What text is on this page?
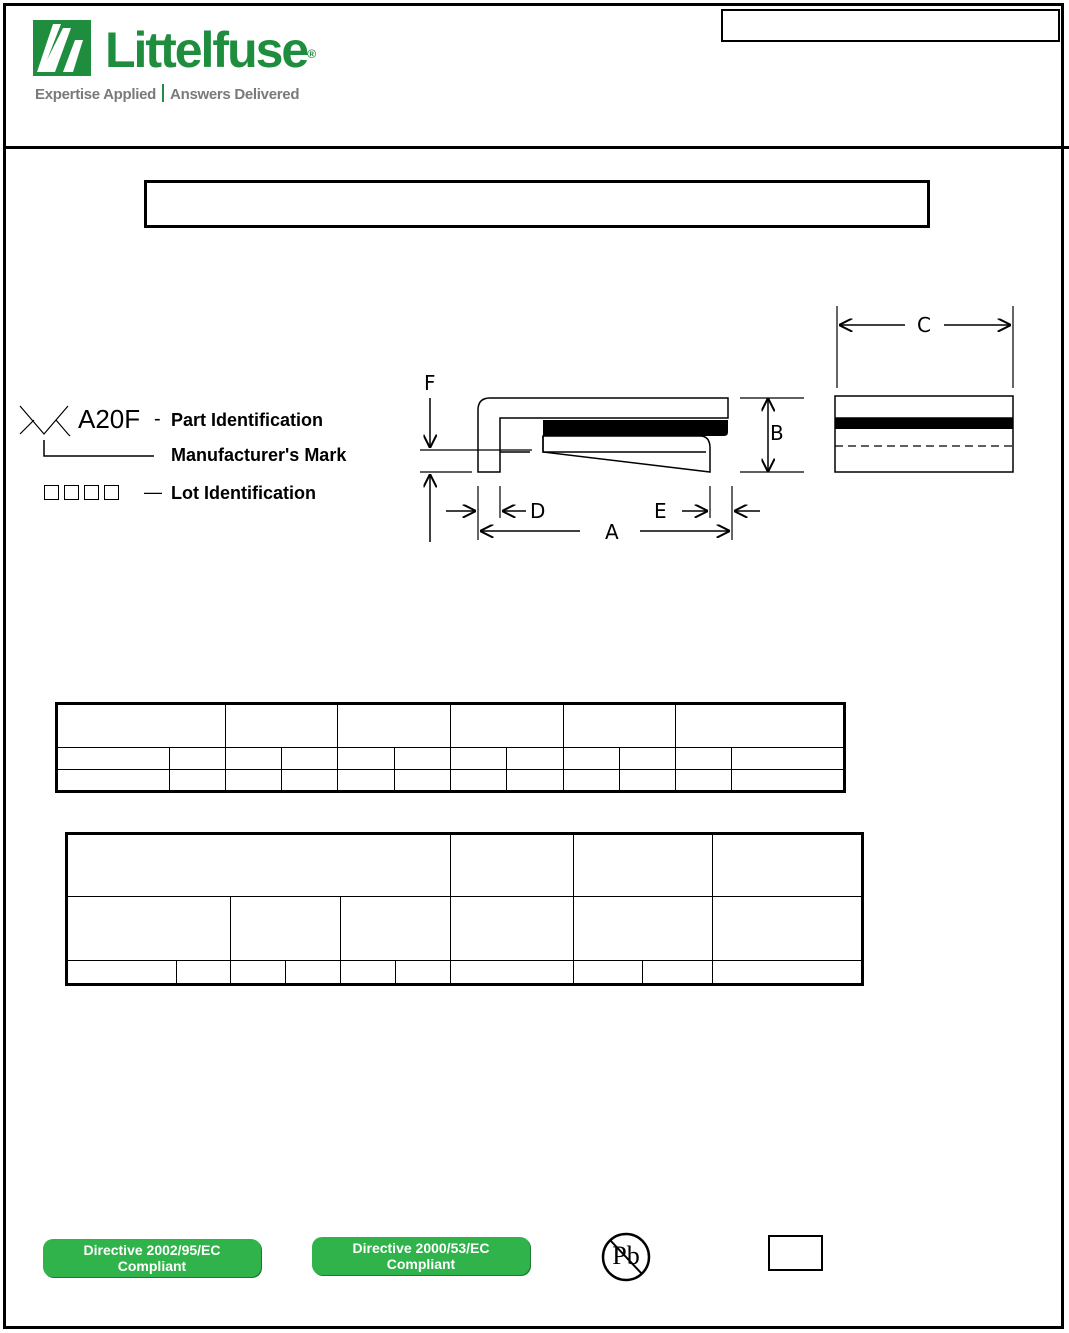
Littelfuse®
Expertise Applied Answers Delivered
A20F - Part Identification
Manufacturer's Mark
— Lot Identification
F
B
D	E
A
C

Directive 2002/95/EC
Compliant
Directive 2000/53/EC
Compliant	Pb
